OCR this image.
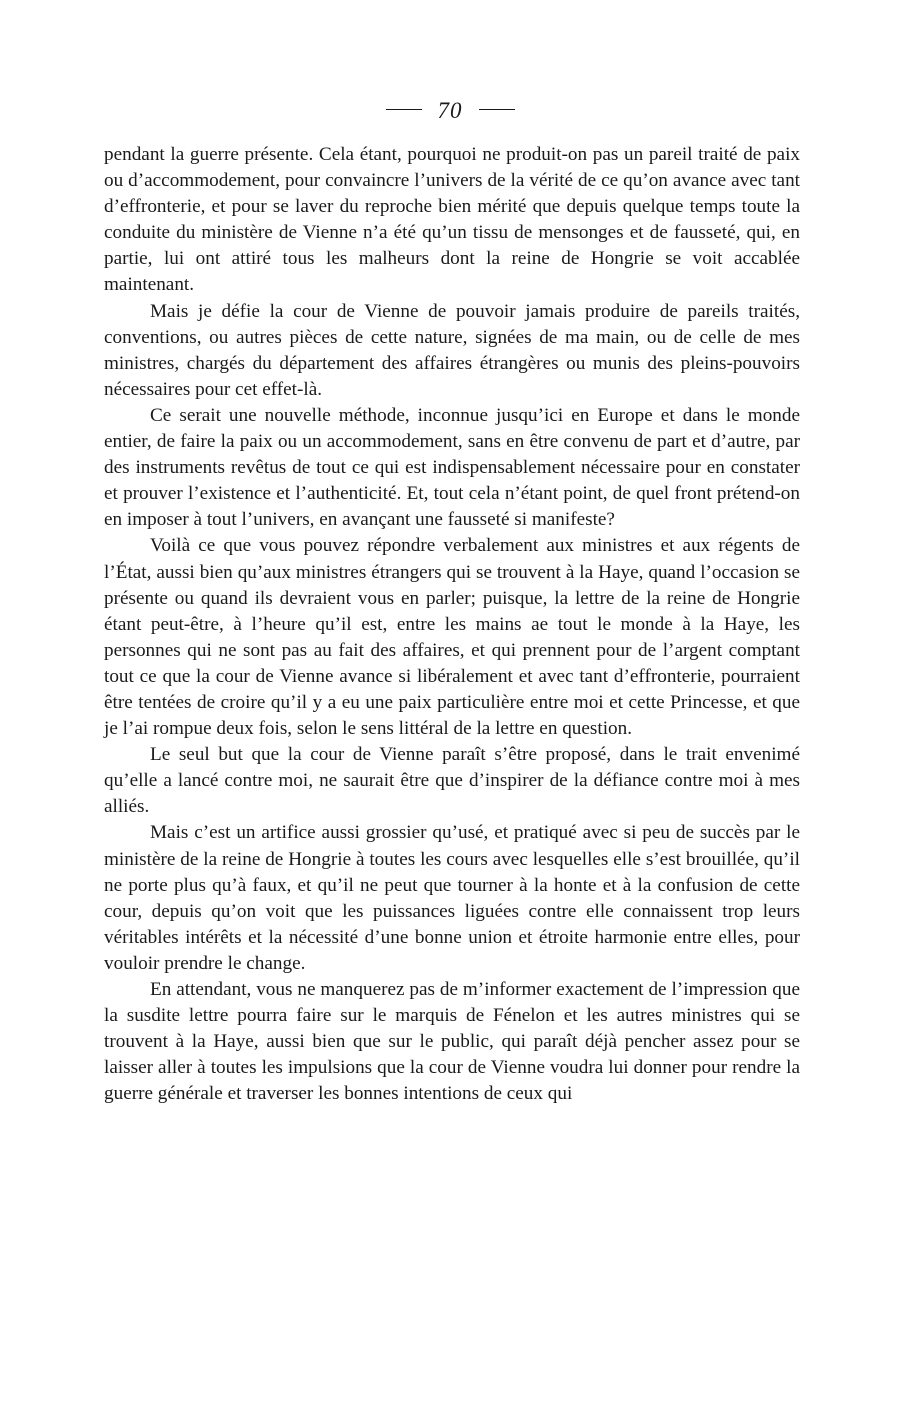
70

pendant la guerre présente. Cela étant, pourquoi ne produit-on pas un pareil traité de paix ou d’accommodement, pour convaincre l’univers de la vérité de ce qu’on avance avec tant d’effronterie, et pour se laver du reproche bien mérité que depuis quelque temps toute la conduite du ministère de Vienne n’a été qu’un tissu de mensonges et de fausseté, qui, en partie, lui ont attiré tous les malheurs dont la reine de Hongrie se voit accablée maintenant.

Mais je défie la cour de Vienne de pouvoir jamais produire de pareils traités, conventions, ou autres pièces de cette nature, signées de ma main, ou de celle de mes ministres, chargés du département des affaires étrangères ou munis des pleins-pouvoirs nécessaires pour cet effet-là.

Ce serait une nouvelle méthode, inconnue jusqu’ici en Europe et dans le monde entier, de faire la paix ou un accommodement, sans en être convenu de part et d’autre, par des instruments revêtus de tout ce qui est indispensablement nécessaire pour en constater et prouver l’existence et l’authenticité. Et, tout cela n’étant point, de quel front prétend-on en imposer à tout l’univers, en avançant une fausseté si manifeste?

Voilà ce que vous pouvez répondre verbalement aux ministres et aux régents de l’État, aussi bien qu’aux ministres étrangers qui se trouvent à la Haye, quand l’occasion se présente ou quand ils devraient vous en parler; puisque, la lettre de la reine de Hongrie étant peut-être, à l’heure qu’il est, entre les mains ae tout le monde à la Haye, les personnes qui ne sont pas au fait des affaires, et qui prennent pour de l’argent comptant tout ce que la cour de Vienne avance si libéralement et avec tant d’effronterie, pourraient être tentées de croire qu’il y a eu une paix particulière entre moi et cette Princesse, et que je l’ai rompue deux fois, selon le sens littéral de la lettre en question.

Le seul but que la cour de Vienne paraît s’être proposé, dans le trait envenimé qu’elle a lancé contre moi, ne saurait être que d’inspirer de la défiance contre moi à mes alliés.

Mais c’est un artifice aussi grossier qu’usé, et pratiqué avec si peu de succès par le ministère de la reine de Hongrie à toutes les cours avec lesquelles elle s’est brouillée, qu’il ne porte plus qu’à faux, et qu’il ne peut que tourner à la honte et à la confusion de cette cour, depuis qu’on voit que les puissances liguées contre elle connaissent trop leurs véritables intérêts et la nécessité d’une bonne union et étroite harmonie entre elles, pour vouloir prendre le change.

En attendant, vous ne manquerez pas de m’informer exactement de l’impression que la susdite lettre pourra faire sur le marquis de Fénelon et les autres ministres qui se trouvent à la Haye, aussi bien que sur le public, qui paraît déjà pencher assez pour se laisser aller à toutes les impulsions que la cour de Vienne voudra lui donner pour rendre la guerre générale et traverser les bonnes intentions de ceux qui
